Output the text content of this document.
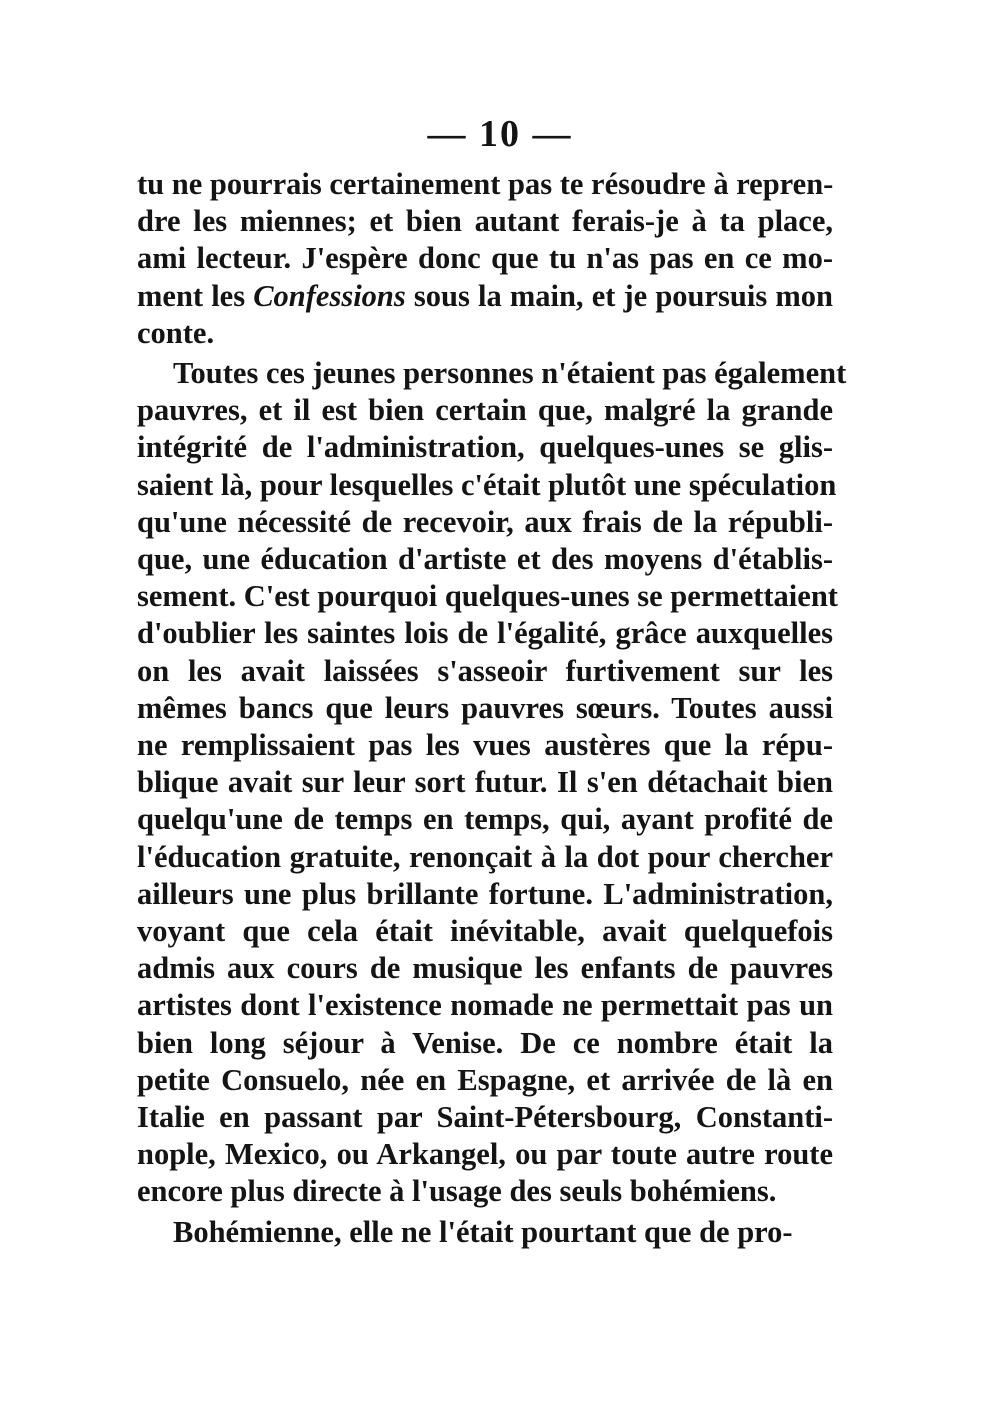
— 10 —
tu ne pourrais certainement pas te résoudre à repren-
dre les miennes; et bien autant ferais-je à ta place,
ami lecteur. J'espère donc que tu n'as pas en ce mo-
ment les Confessions sous la main, et je poursuis mon
conte.
Toutes ces jeunes personnes n'étaient pas également
pauvres, et il est bien certain que, malgré la grande
intégrité de l'administration, quelques-unes se glis-
saient là, pour lesquelles c'était plutôt une spéculation
qu'une nécessité de recevoir, aux frais de la républi-
que, une éducation d'artiste et des moyens d'établis-
sement. C'est pourquoi quelques-unes se permettaient
d'oublier les saintes lois de l'égalité, grâce auxquelles
on les avait laissées s'asseoir furtivement sur les
mêmes bancs que leurs pauvres sœurs. Toutes aussi
ne remplissaient pas les vues austères que la répu-
blique avait sur leur sort futur. Il s'en détachait bien
quelqu'une de temps en temps, qui, ayant profité de
l'éducation gratuite, renonçait à la dot pour chercher
ailleurs une plus brillante fortune. L'administration,
voyant que cela était inévitable, avait quelquefois
admis aux cours de musique les enfants de pauvres
artistes dont l'existence nomade ne permettait pas un
bien long séjour à Venise. De ce nombre était la
petite Consuelo, née en Espagne, et arrivée de là en
Italie en passant par Saint-Pétersbourg, Constanti-
nople, Mexico, ou Arkangel, ou par toute autre route
encore plus directe à l'usage des seuls bohémiens.
Bohémienne, elle ne l'était pourtant que de pro-
